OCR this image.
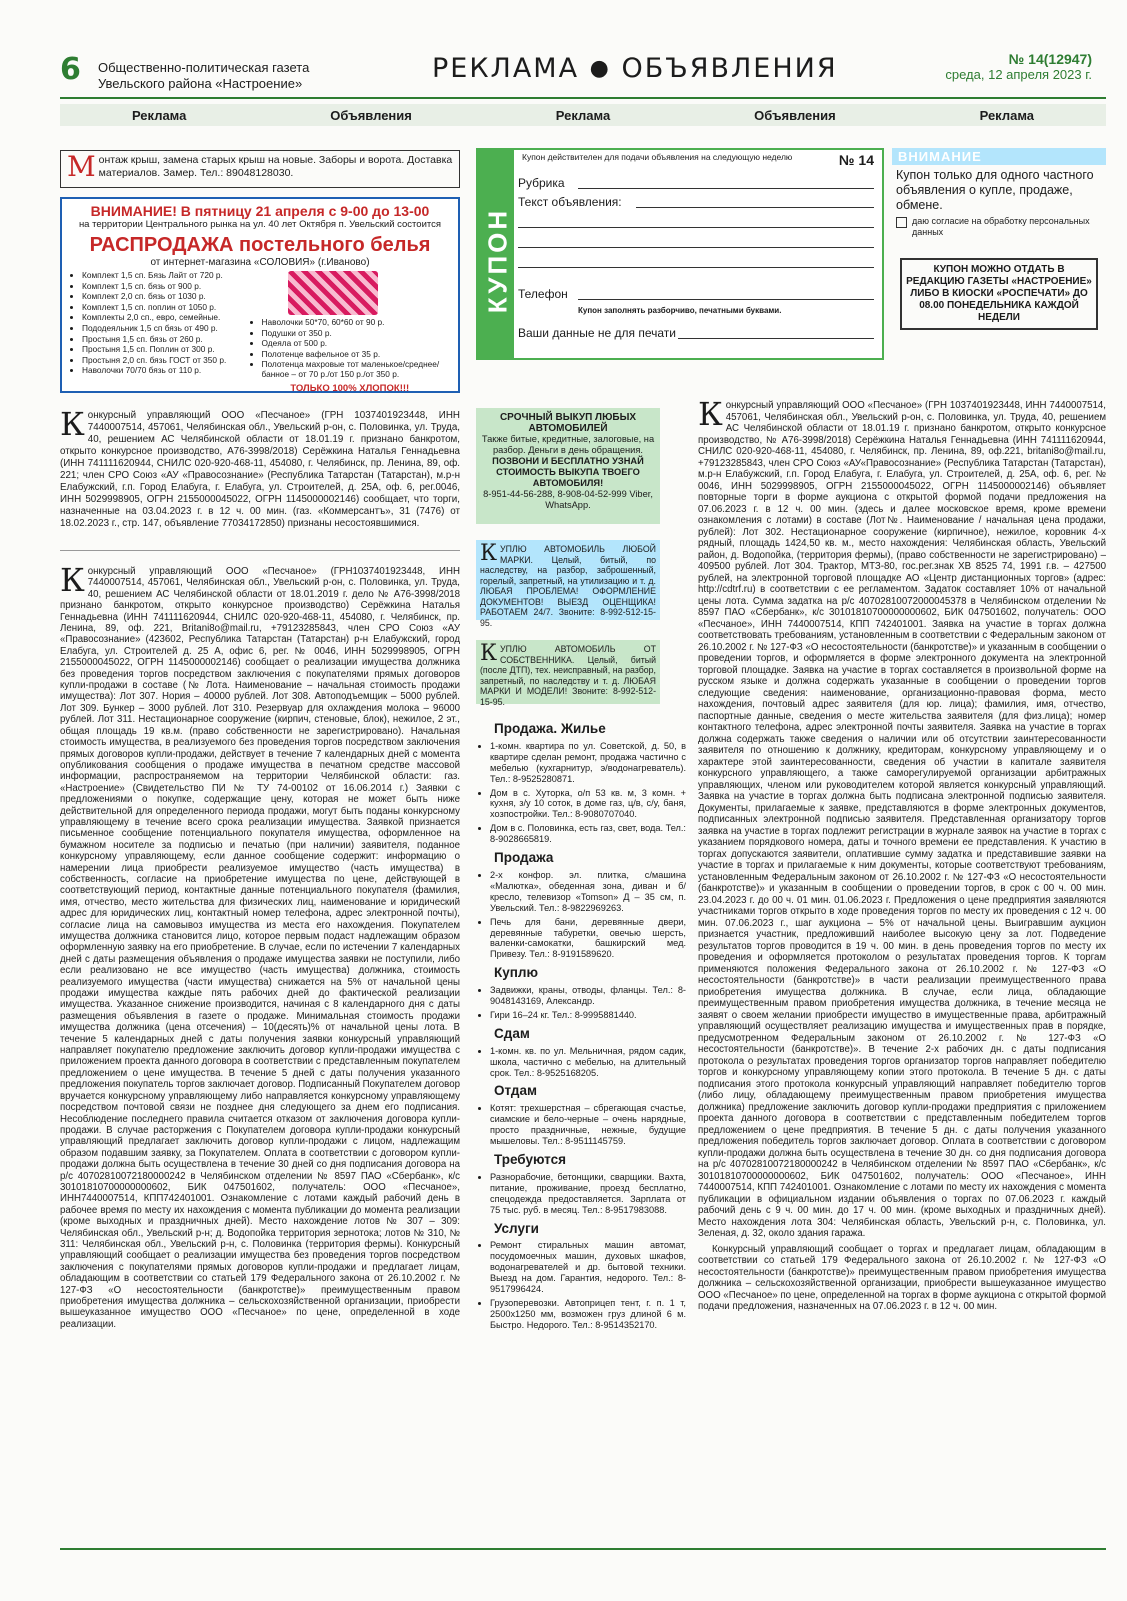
6 Общественно-политическая газета
Увельского района «Настроение»	РЕКЛАМА ● ОБЪЯВЛЕНИЯ	№ 14(12947)
среда, 12 апреля 2023 г.
Реклама	Объявления	Реклама	Объявления	Реклама
М онтаж крыш, замена старых крыш на новые. Заборы и ворота. Доставка материалов. Замер. Тел.: 89048128030.
ВНИМАНИЕ! В пятницу 21 апреля с 9-00 до 13-00
на территории Центрального рынка на ул. 40 лет Октября п. Увельский состоится
РАСПРОДАЖА постельного белья
от интернет-магазина «СОЛОВИЯ» (г.Иваново)
• Комплект 1,5 сп. Бязь Лайт от 720 р.
• Комплект 1,5 сп. бязь от 900 р.
• Комплект 2,0 сп. бязь от 1030 р.
• Комплект 1,5 сп. поплин от 1050 р.
• Комплекты 2,0 сп., евро, семейные.
• Пододеяльник 1,5 сп бязь от 490 р.
• Простыня 1,5 сп. бязь от 260 р.
• Простыня 1,5 сп. Поплин от 300 р.
• Простыня 2,0 сп. бязь ГОСТ от 350 р.
• Наволочки 70/70 бязь от 110 р.
• Наволочки 50*70, 60*60 от 90 р.
• Подушки от 350 р.
• Одеяла от 500 р.
• Полотенце вафельное от 35 р.
• Полотенца махровые тот маленькое/среднее/банное – от 70 р./от 150 р./от 350 р.
ТОЛЬКО 100% ХЛОПОК!!!
КУПОН
Купон действителен для подачи объявления на следующую неделю	№ 14
Рубрика
Текст объявления:
Телефон
Купон заполнять разборчиво, печатными буквами.
Ваши данные не для печати
ВНИМАНИЕ
Купон только для одного частного объявления о купле, продаже, обмене.
даю согласие на обработку персональных данных
КУПОН МОЖНО ОТДАТЬ В РЕДАКЦИЮ ГАЗЕТЫ «НАСТРОЕНИЕ» ЛИБО В КИОСКИ «РОСПЕЧАТИ» ДО 08.00 ПОНЕДЕЛЬНИКА КАЖДОЙ НЕДЕЛИ
К онкурсный управляющий ООО «Песчаное» (ГРН 1037401923448, ИНН 7440007514, 457061, Челябинская обл., Увельский р-он, с. Половинка, ул. Труда, 40, решением АС Челябинской области от 18.01.19 г. признано банкротом, открыто конкурсное производство, А76-3998/2018) Серёжкина Наталья Геннадьевна (ИНН 741111620944, СНИЛС 020-920-468-11, 454080, г. Челябинск, пр. Ленина, 89, оф. 221; член СРО Союз «АУ «Правосознание» (Республика Татарстан (Татарстан), м.р-н Елабужский, г.п. Город Елабуга, г. Елабуга, ул. Строителей, д. 25А, оф. 6, рег.0046, ИНН 5029998905, ОГРН 2155000045022, ОГРН 1145000002146) сообщает, что торги, назначенные на 03.04.2023 г. в 12 ч. 00 мин. (газ. «Коммерсантъ», 31 (7476) от 18.02.2023 г., стр. 147, объявление 77034172850) признаны несостоявшимися.
К онкурсный управляющий ООО «Песчаное» (ГРН1037401923448, ИНН 7440007514, 457061, Челябинская обл., Увельский р-он, с. Половинка, ул. Труда, 40, решением АС Челябинской области от 18.01.2019 г. дело № А76-3998/2018 признано банкротом, открыто конкурсное производство) Серёжкина Наталья Геннадьевна (ИНН 741111620944, СНИЛС 020-920-468-11, 454080, г. Челябинск, пр. Ленина, 89, оф. 221, Britani8o@mail.ru, +79123285843, член СРО Союз «АУ «Правосознание» (423602, Республика Татарстан (Татарстан) р-н Елабужский, город Елабуга, ул. Строителей д. 25 А, офис 6, рег. № 0046, ИНН 5029998905, ОГРН 2155000045022, ОГРН 1145000002146) сообщает о реализации имущества должника без проведения торгов посредством заключения с покупателями прямых договоров купли-продажи в составе (№ Лота. Наименование – начальная стоимость продажи имущества): Лот 307. Нория – 40000 рублей. Лот 308. Автоподъемщик – 5000 рублей. Лот 309. Бункер – 3000 рублей. Лот 310. Резервуар для охлаждения молока – 96000 рублей. Лот 311. Нестационарное сооружение (кирпич, стеновые, блок), нежилое, 2 эт., общая площадь 19 кв.м. (право собственности не зарегистрировано). Начальная стоимость имущества, в реализуемого без проведения торгов посредством заключения прямых договоров купли-продажи, действует в течение 7 календарных дней с момента опубликования сообщения о продаже имущества в печатном средстве массовой информации, распространяемом на территории Челябинской области: газ. «Настроение» (Свидетельство ПИ № ТУ 74-00102 от 16.06.2014 г.) Заявки с предложениями о покупке, содержащие цену, которая не может быть ниже действительной для определенного периода продажи, могут быть поданы конкурсному управляющему в течение всего срока реализации имущества. Заявкой признается письменное сообщение потенциального покупателя имущества, оформленное на бумажном носителе за подписью и печатью (при наличии) заявителя, поданное конкурсному управляющему, если данное сообщение содержит: информацию о намерении лица приобрести реализуемое имущество (часть имущества) в собственность, согласие на приобретение имущества по цене, действующей в соответствующий период, контактные данные потенциального покупателя (фамилия, имя, отчество, место жительства для физических лиц, наименование и юридический адрес для юридических лиц, контактный номер телефона, адрес электронной почты), согласие лица на самовывоз имущества из места его нахождения. Покупателем имущества должника становится лицо, которое первым подаст надлежащим образом оформленную заявку на его приобретение. В случае, если по истечении 7 календарных дней с даты размещения объявления о продаже имущества заявки не поступили, либо если реализовано не все имущество (часть имущества) должника, стоимость реализуемого имущества (части имущества) снижается на 5% от начальной цены продажи имущества каждые пять рабочих дней до фактической реализации имущества. Указанное снижение производится, начиная с 8 календарного дня с даты размещения объявления в газете о продаже. Минимальная стоимость продажи имущества должника (цена отсечения) – 10(десять)% от начальной цены лота. В течение 5 календарных дней с даты получения заявки конкурсный управляющий направляет покупателю предложение заключить договор купли-продажи имущества с приложением проекта данного договора в соответствии с представленным покупателем предложением о цене имущества. В течение 5 дней с даты получения указанного предложения покупатель торгов заключает договор. Подписанный Покупателем договор вручается конкурсному управляющему либо направляется конкурсному управляющему посредством почтовой связи не позднее дня следующего за днем его подписания. Несоблюдение последнего правила считается отказом от заключения договора купли-продажи. В случае расторжения с Покупателем договора купли-продажи конкурсный управляющий предлагает заключить договор купли-продажи с лицом, надлежащим образом подавшим заявку, за Покупателем. Оплата в соответствии с договором купли-продажи должна быть осуществлена в течение 30 дней со дня подписания договора на р/с 40702810072180000242 в Челябинском отделении № 8597 ПАО «Сбербанк», к/с 30101810700000000602, БИК 047501602, получатель: ООО «Песчаное», ИНН7440007514, КПП742401001. Ознакомление с лотами каждый рабочий день в рабочее время по месту их нахождения с момента публикации до момента реализации (кроме выходных и праздничных дней). Место нахождение лотов № 307 – 309: Челябинская обл., Увельский р-н; д. Водопойка территория зернотока; лотов № 310, № 311: Челябинская обл., Увельский р-н, с. Половинка (территория фермы). Конкурсный управляющий сообщает о реализации имущества без проведения торгов посредством заключения с покупателями прямых договоров купли-продажи и предлагает лицам, обладающим в соответствии со статьей 179 Федерального закона от 26.10.2002 г. № 127-ФЗ «О несостоятельности (банкротстве)» преимущественным правом приобретения имущества должника – сельскохозяйственной организации, приобрести вышеуказанное имущество ООО «Песчаное» по цене, определенной в ходе реализации.
СРОЧНЫЙ ВЫКУП ЛЮБЫХ АВТОМОБИЛЕЙ
Также битые, кредитные, залоговые, на разбор. Деньги в день обращения.
ПОЗВОНИ И БЕСПЛАТНО УЗНАЙ СТОИМОСТЬ ВЫКУПА ТВОЕГО АВТОМОБИЛЯ!
8-951-44-56-288, 8-908-04-52-999 Viber, WhatsApp.
К УПЛЮ АВТОМОБИЛЬ ЛЮБОЙ МАРКИ. Целый, битый, по наследству, на разбор, заброшенный, горелый, запретный, на утилизацию и т. д. ЛЮБАЯ ПРОБЛЕМА! ОФОРМЛЕНИЕ ДОКУМЕНТОВ! ВЫЕЗД ОЦЕНЩИКА! РАБОТАЕМ 24/7. Звоните: 8-992-512-15-95.
К УПЛЮ АВТОМОБИЛЬ ОТ СОБСТВЕННИКА. Целый, битый (после ДТП), тех. неисправный, на разбор, запретный, по наследству и т. д. ЛЮБАЯ МАРКИ И МОДЕЛИ! Звоните: 8-992-512-15-95.
Продажа. Жилье
• 1-комн. квартира по ул. Советской, д. 50, в квартире сделан ремонт, продажа частично с мебелью (кухгарнитур, э/водонагреватель). Тел.: 8-9525280871.
• Дом в с. Хуторка, о/п 53 кв. м, 3 комн. + кухня, з/у 10 соток, в доме газ, ц/в, с/у, баня, хозпостройки. Тел.: 8-9080707040.
• Дом в с. Половинка, есть газ, свет, вода. Тел.: 8-9028665819.
Продажа
• 2-х конфор. эл. плитка, с/машина «Малютка», обеденная зона, диван и б/кресло, телевизор «Tomson» Д – 35 см, п. Увельский. Тел.: 8-9822969263.
• Печь для бани, деревянные двери, деревянные табуретки, овечью шерсть, валенки-самокатки, башкирский мед. Привезу. Тел.: 8-9191589620.
Куплю
• Задвижки, краны, отводы, фланцы. Тел.: 8-9048143169, Александр.
• Гири 16–24 кг. Тел.: 8-9995881440.
Сдам
• 1-комн. кв. по ул. Мельничная, рядом садик, школа, частично с мебелью, на длительный срок. Тел.: 8-9525168205.
Отдам
• Котят: трехшерстная – сбрегающая счастье, сиамские и бело-черные – очень нарядные, просто праздничные, нежные, будущие мышеловы. Тел.: 8-9511145759.
Требуются
• Разнорабочие, бетонщики, сварщики. Вахта, питание, проживание, проезд бесплатно, спецодежда предоставляется. Зарплата от 75 тыс. руб. в месяц. Тел.: 8-9517983088.
Услуги
• Ремонт стиральных машин автомат, посудомоечных машин, духовых шкафов, водонагревателей и др. бытовой техники. Выезд на дом. Гарантия, недорого. Тел.: 8-9517996424.
• Грузоперевозки. Автоприцеп тент, г. п. 1 т, 2500х1250 мм, возможен груз длиной 6 м. Быстро. Недорого. Тел.: 8-9514352170.
К онкурсный управляющий ООО «Песчаное» (ГРН 1037401923448, ИНН 7440007514, 457061, Челябинская обл., Увельский р-он, с. Половинка, ул. Труда, 40, решением АС Челябинской области от 18.01.19 г. признано банкротом, открыто конкурсное производство, № А76-3998/2018) Серёжкина Наталья Геннадьевна (ИНН 741111620944, СНИЛС 020-920-468-11, 454080, г. Челябинск, пр. Ленина, 89, оф.221, britani8o@mail.ru, +79123285843, член СРО Союз «АУ«Правосознание» (Республика Татарстан (Татарстан), м.р-н Елабужский, г.п. Город Елабуга, г. Елабуга, ул. Строителей, д. 25А, оф. 6, рег. № 0046, ИНН 5029998905, ОГРН 2155000045022, ОГРН 1145000002146) объявляет повторные торги в форме аукциона с открытой формой подачи предложения на 07.06.2023 г. в 12 ч. 00 мин. (здесь и далее московское время, кроме времени ознакомления с лотами) в составе (Лот№. Наименование / начальная цена продажи, рублей): Лот 302. Нестационарное сооружение (кирпичное), нежилое, коровник 4-х рядный, площадь 1424,50 кв. м., место нахождения: Челябинская область, Увельский район, д. Водопойка, (территория фермы), (право собственности не зарегистрировано) – 409500 рублей. Лот 304. Трактор, МТЗ-80, гос.рег.знак ХВ 8525 74, 1991 г.в. – 427500 рублей, на электронной торговой площадке АО «Центр дистанционных торгов» (адрес: http://cdtrf.ru) в соответствии с ее регламентом. Задаток составляет 10% от начальной цены лота. Сумма задатка на р/с 40702810072000045378 в Челябинском отделении № 8597 ПАО «Сбербанк», к/с 30101810700000000602, БИК 047501602, получатель: ООО «Песчаное», ИНН 7440007514, КПП 742401001. Заявка на участие в торгах должна соответствовать требованиям, установленным в соответствии с Федеральным законом от 26.10.2002 г. № 127-ФЗ «О несостоятельности (банкротстве)» и указанным в сообщении о проведении торгов, и оформляется в форме электронного документа на электронной торговой площадке. Заявка на участие в торгах составляется в произвольной форме на русском языке и должна содержать указанные в сообщении о проведении торгов следующие сведения: наименование, организационно-правовая форма, место нахождения, почтовый адрес заявителя (для юр. лица); фамилия, имя, отчество, паспортные данные, сведения о месте жительства заявителя (для физ.лица); номер контактного телефона, адрес электронной почты заявителя. Заявка на участие в торгах должна содержать также сведения о наличии или об отсутствии заинтересованности заявителя по отношению к должнику, кредиторам, конкурсному управляющему и о характере этой заинтересованности, сведения об участии в капитале заявителя конкурсного управляющего, а также саморегулируемой организации арбитражных управляющих, членом или руководителем которой является конкурсный управляющий. Заявка на участие в торгах должна быть подписана электронной подписью заявителя. Документы, прилагаемые к заявке, представляются в форме электронных документов, подписанных электронной подписью заявителя. Представленная организатору торгов заявка на участие в торгах подлежит регистрации в журнале заявок на участие в торгах с указанием порядкового номера, даты и точного времени ее представления. К участию в торгах допускаются заявители, оплатившие сумму задатка и представившие заявки на участие в торгах и прилагаемые к ним документы, которые соответствуют требованиям, установленным Федеральным законом от 26.10.2002 г. № 127-ФЗ «О несостоятельности (банкротстве)» и указанным в сообщении о проведении торгов, в срок с 00 ч. 00 мин. 23.04.2023 г. до 00 ч. 01 мин. 01.06.2023 г. Предложения о цене предприятия заявляются участниками торгов открыто в ходе проведения торгов по месту их проведения с 12 ч. 00 мин. 07.06.2023 г., шаг аукциона – 5% от начальной цены. Выигравшим аукцион признается участник, предложивший наиболее высокую цену за лот. Подведение результатов торгов проводится в 19 ч. 00 мин. в день проведения торгов по месту их проведения и оформляется протоколом о результатах проведения торгов. К торгам применяются положения Федерального закона от 26.10.2002 г. № 127-ФЗ «О несостоятельности (банкротстве)» в части реализации преимущественного права приобретения имущества должника. В случае, если лица, обладающие преимущественным правом приобретения имущества должника, в течение месяца не заявят о своем желании приобрести имущество в имущественные права, арбитражный управляющий осуществляет реализацию имущества и имущественных прав в порядке, предусмотренном Федеральным законом от 26.10.2002 г. № 127-ФЗ «О несостоятельности (банкротстве)». В течение 2-х рабочих дн. с даты подписания протокола о результатах проведения торгов организатор торгов направляет победителю торгов и конкурсному управляющему копии этого протокола. В течение 5 дн. с даты подписания этого протокола конкурсный управляющий направляет победителю торгов (либо лицу, обладающему преимущественным правом приобретения имущества должника) предложение заключить договор купли-продажи предприятия с приложением проекта данного договора в соответствии с представленным победителем торгов предложением о цене предприятия. В течение 5 дн. с даты получения указанного предложения победитель торгов заключает договор. Оплата в соответствии с договором купли-продажи должна быть осуществлена в течение 30 дн. со дня подписания договора на р/с 40702810072180000242 в Челябинском отделении № 8597 ПАО «Сбербанк», к/с 30101810700000000602, БИК 047501602, получатель: ООО «Песчаное», ИНН 7440007514, КПП 742401001. Ознакомление с лотами по месту их нахождения с момента публикации в официальном издании объявления о торгах по 07.06.2023 г. каждый рабочий день с 9 ч. 00 мин. до 17 ч. 00 мин. (кроме выходных и праздничных дней). Место нахождения лота 304: Челябинская область, Увельский р-н, с. Половинка, ул. Зеленая, д. 32, около здания гаража.

Конкурсный управляющий сообщает о торгах и предлагает лицам, обладающим в соответствии со статьей 179 Федерального закона от 26.10.2002 г. № 127-ФЗ «О несостоятельности (банкротстве)» преимущественным правом приобретения имущества должника – сельскохозяйственной организации, приобрести вышеуказанное имущество ООО «Песчаное» по цене, определенной на торгах в форме аукциона с открытой формой подачи предложения, назначенных на 07.06.2023 г. в 12 ч. 00 мин.
